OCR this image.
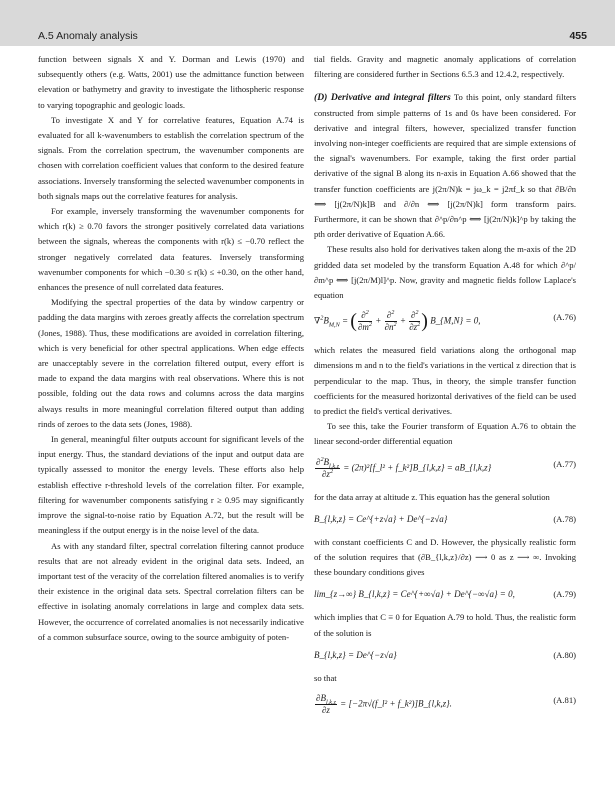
A.5 Anomaly analysis	455

function between signals X and Y. Dorman and Lewis (1970) and subsequently others (e.g. Watts, 2001) use the admittance function between elevation or bathymetry and gravity to investigate the lithospheric response to varying topographic and geologic loads.

To investigate X and Y for correlative features, Equation A.74 is evaluated for all k-wavenumbers to establish the correlation spectrum of the signals. From the correlation spectrum, the wavenumber components are chosen with correlation coefficient values that conform to the desired feature associations. Inversely transforming the selected wavenumber components in both signals maps out the correlative features for analysis.

For example, inversely transforming the wavenumber components for which r(k) ≥ 0.70 favors the stronger positively correlated data variations between the signals, whereas the components with r(k) ≤ −0.70 reflect the stronger negatively correlated data features. Inversely transforming wavenumber components for which −0.30 ≤ r(k) ≤ +0.30, on the other hand, enhances the presence of null correlated data features.

Modifying the spectral properties of the data by window carpentry or padding the data margins with zeroes greatly affects the correlation spectrum (Jones, 1988). Thus, these modifications are avoided in correlation filtering, which is very beneficial for other spectral applications. When edge effects are unacceptably severe in the correlation filtered output, every effort is made to expand the data margins with real observations. Where this is not possible, folding out the data rows and columns across the data margins always results in more meaningful correlation filtered output than adding rinds of zeroes to the data sets (Jones, 1988).

In general, meaningful filter outputs account for significant levels of the input energy. Thus, the standard deviations of the input and output data are typically assessed to monitor the energy levels. These efforts also help establish effective r-threshold levels of the correlation filter. For example, filtering for wavenumber components satisfying r ≥ 0.95 may significantly improve the signal-to-noise ratio by Equation A.72, but the result will be meaningless if the output energy is in the noise level of the data.

As with any standard filter, spectral correlation filtering cannot produce results that are not already evident in the original data sets. Indeed, an important test of the veracity of the correlation filtered anomalies is to verify their existence in the original data sets. Spectral correlation filters can be effective in isolating anomaly correlations in large and complex data sets. However, the occurrence of correlated anomalies is not necessarily indicative of a common subsurface source, owing to the source ambiguity of poten-

tial fields. Gravity and magnetic anomaly applications of correlation filtering are considered further in Sections 6.5.3 and 12.4.2, respectively.

(D) Derivative and integral filters To this point, only standard filters constructed from simple patterns of 1s and 0s have been considered. For derivative and integral filters, however, specialized transfer function involving non-integer coefficients are required that are simple extensions of the signal's wavenumbers. For example, taking the first order partial derivative of the signal B along its n-axis in Equation A.66 showed that the transfer function coefficients are j(2π/N)k = jω_k = j2πf_k so that ∂B/∂n ⟺ [j(2π/N)k]B and ∂/∂n ⟺ [j(2π/N)k] form transform pairs. Furthermore, it can be shown that ∂^p/∂n^p ⟺ [j(2π/N)k]^p by taking the pth order derivative of Equation A.66.

These results also hold for derivatives taken along the m-axis of the 2D gridded data set modeled by the transform Equation A.48 for which ∂^p/∂m^p ⟺ [j(2π/M)l]^p. Now, gravity and magnetic fields follow Laplace's equation

$\nabla^2B_{M,N}$ = ( $\frac{\partial^2}{\partial m^2} + \frac{\partial^2}{\partial n^2} + \frac{\partial^2}{\partial z^2}$ ) B_{M,N} = 0,	(A.76)

which relates the measured field variations along the orthogonal map dimensions m and n to the field's variations in the vertical z direction that is perpendicular to the map. Thus, in theory, the simple transfer function coefficients for the measured horizontal derivatives of the field can be used to predict the field's vertical derivatives.

To see this, take the Fourier transform of Equation A.76 to obtain the linear second-order differential equation

$\frac{\partial^2B_{l,k,z}}{\partial z^2}$ = (2π)²[f_l² + f_k²]B_{l,k,z} = aB_{l,k,z}	(A.77)

for the data array at altitude z. This equation has the general solution

B_{l,k,z} = Ce^{+z√a} + De^{−z√a}	(A.78)

with constant coefficients C and D. However, the physically realistic form of the solution requires that (∂B_{l,k,z}/∂z) ⟶ 0 as z ⟶ ∞. Invoking these boundary conditions gives

lim_{z→∞} B_{l,k,z} = Ce^{+∞√a} + De^{−∞√a} = 0,	(A.79)

which implies that C ≡ 0 for Equation A.79 to hold. Thus, the realistic form of the solution is

B_{l,k,z} = De^{−z√a}	(A.80)

so that

$\frac{\partial B_{l,k,z}}{\partial z}$ = [−2π√(f_l² + f_k²)]B_{l,k,z}.	(A.81)
